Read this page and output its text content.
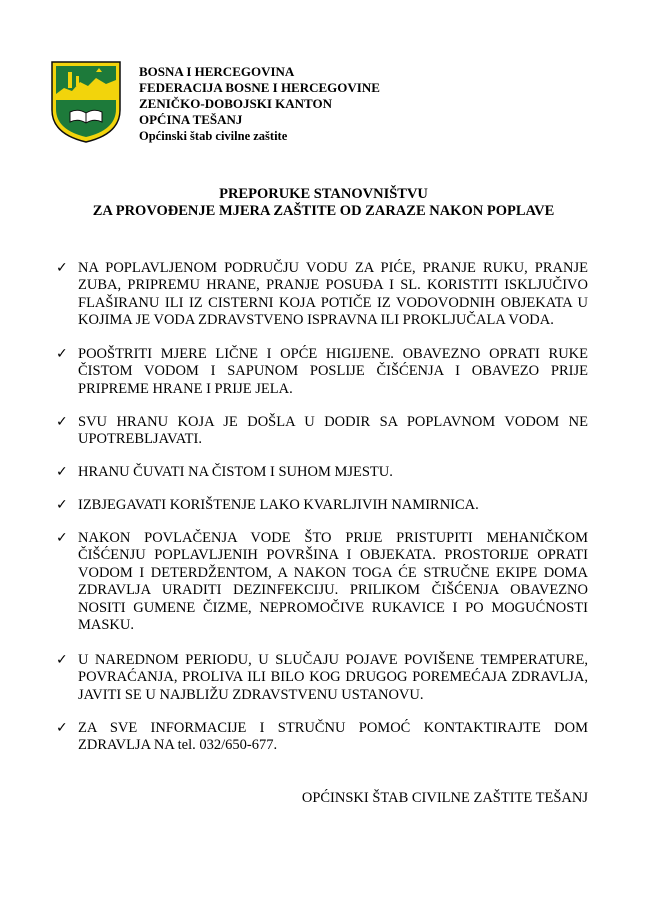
BOSNA I HERCEGOVINA
FEDERACIJA BOSNE I HERCEGOVINE
ZENIČKO-DOBOJSKI KANTON
OPĆINA TEŠANJ
Općinski štab civilne zaštite
PREPORUKE STANOVNIŠTVU
ZA PROVOĐENJE MJERA ZAŠTITE OD ZARAZE NAKON POPLAVE
✓ NA POPLAVLJENOM PODRUČJU VODU ZA PIĆE, PRANJE RUKU, PRANJE ZUBA, PRIPREMU HRANE, PRANJE POSUĐA I SL. KORISTITI ISKLJUČIVO FLAŠIRANU ILI IZ CISTERNI KOJA POTIČE IZ VODOVODNIH OBJEKATA U KOJIMA JE VODA ZDRAVSTVENO ISPRAVNA ILI PROKLJUČALA VODA.
✓ POOŠTRITI MJERE LIČNE I OPĆE HIGIJENE. OBAVEZNO OPRATI RUKE ČISTOM VODOM I SAPUNOM POSLIJE ČIŠĆENJA I OBAVEZO PRIJE PRIPREME HRANE I PRIJE JELA.
✓ SVU HRANU KOJA JE DOŠLA U DODIR SA POPLAVNOM VODOM NE UPOTREBLJAVATI.
✓ HRANU ČUVATI NA ČISTOM I SUHOM MJESTU.
✓ IZBJEGAVATI KORIŠTENJE LAKO KVARLJIVIH NAMIRNICA.
✓ NAKON POVLAČENJA VODE ŠTO PRIJE PRISTUPITI MEHANIČKOM ČIŠĆENJU POPLAVLJENIH POVRŠINA I OBJEKATA. PROSTORIJE OPRATI VODOM I DETERDŽENTOM, A NAKON TOGA ĆE STRUČNE EKIPE DOMA ZDRAVLJA URADITI DEZINFEKCIJU. PRILIKOM ČIŠĆENJA OBAVEZNO NOSITI GUMENE ČIZME, NEPROMOČIVE RUKAVICE I PO MOGUĆNOSTI MASKU.
✓ U NAREDNOM PERIODU, U SLUČAJU POJAVE POVIŠENE TEMPERATURE, POVRAĆANJA, PROLIVA ILI BILO KOG DRUGOG POREMEĆAJA ZDRAVLJA, JAVITI SE U NAJBLIŽU ZDRAVSTVENU USTANOVU.
✓ ZA SVE INFORMACIJE I STRUČNU POMOĆ KONTAKTIRAJTE DOM ZDRAVLJA NA tel. 032/650-677.
OPĆINSKI ŠTAB CIVILNE ZAŠTITE TEŠANJ
